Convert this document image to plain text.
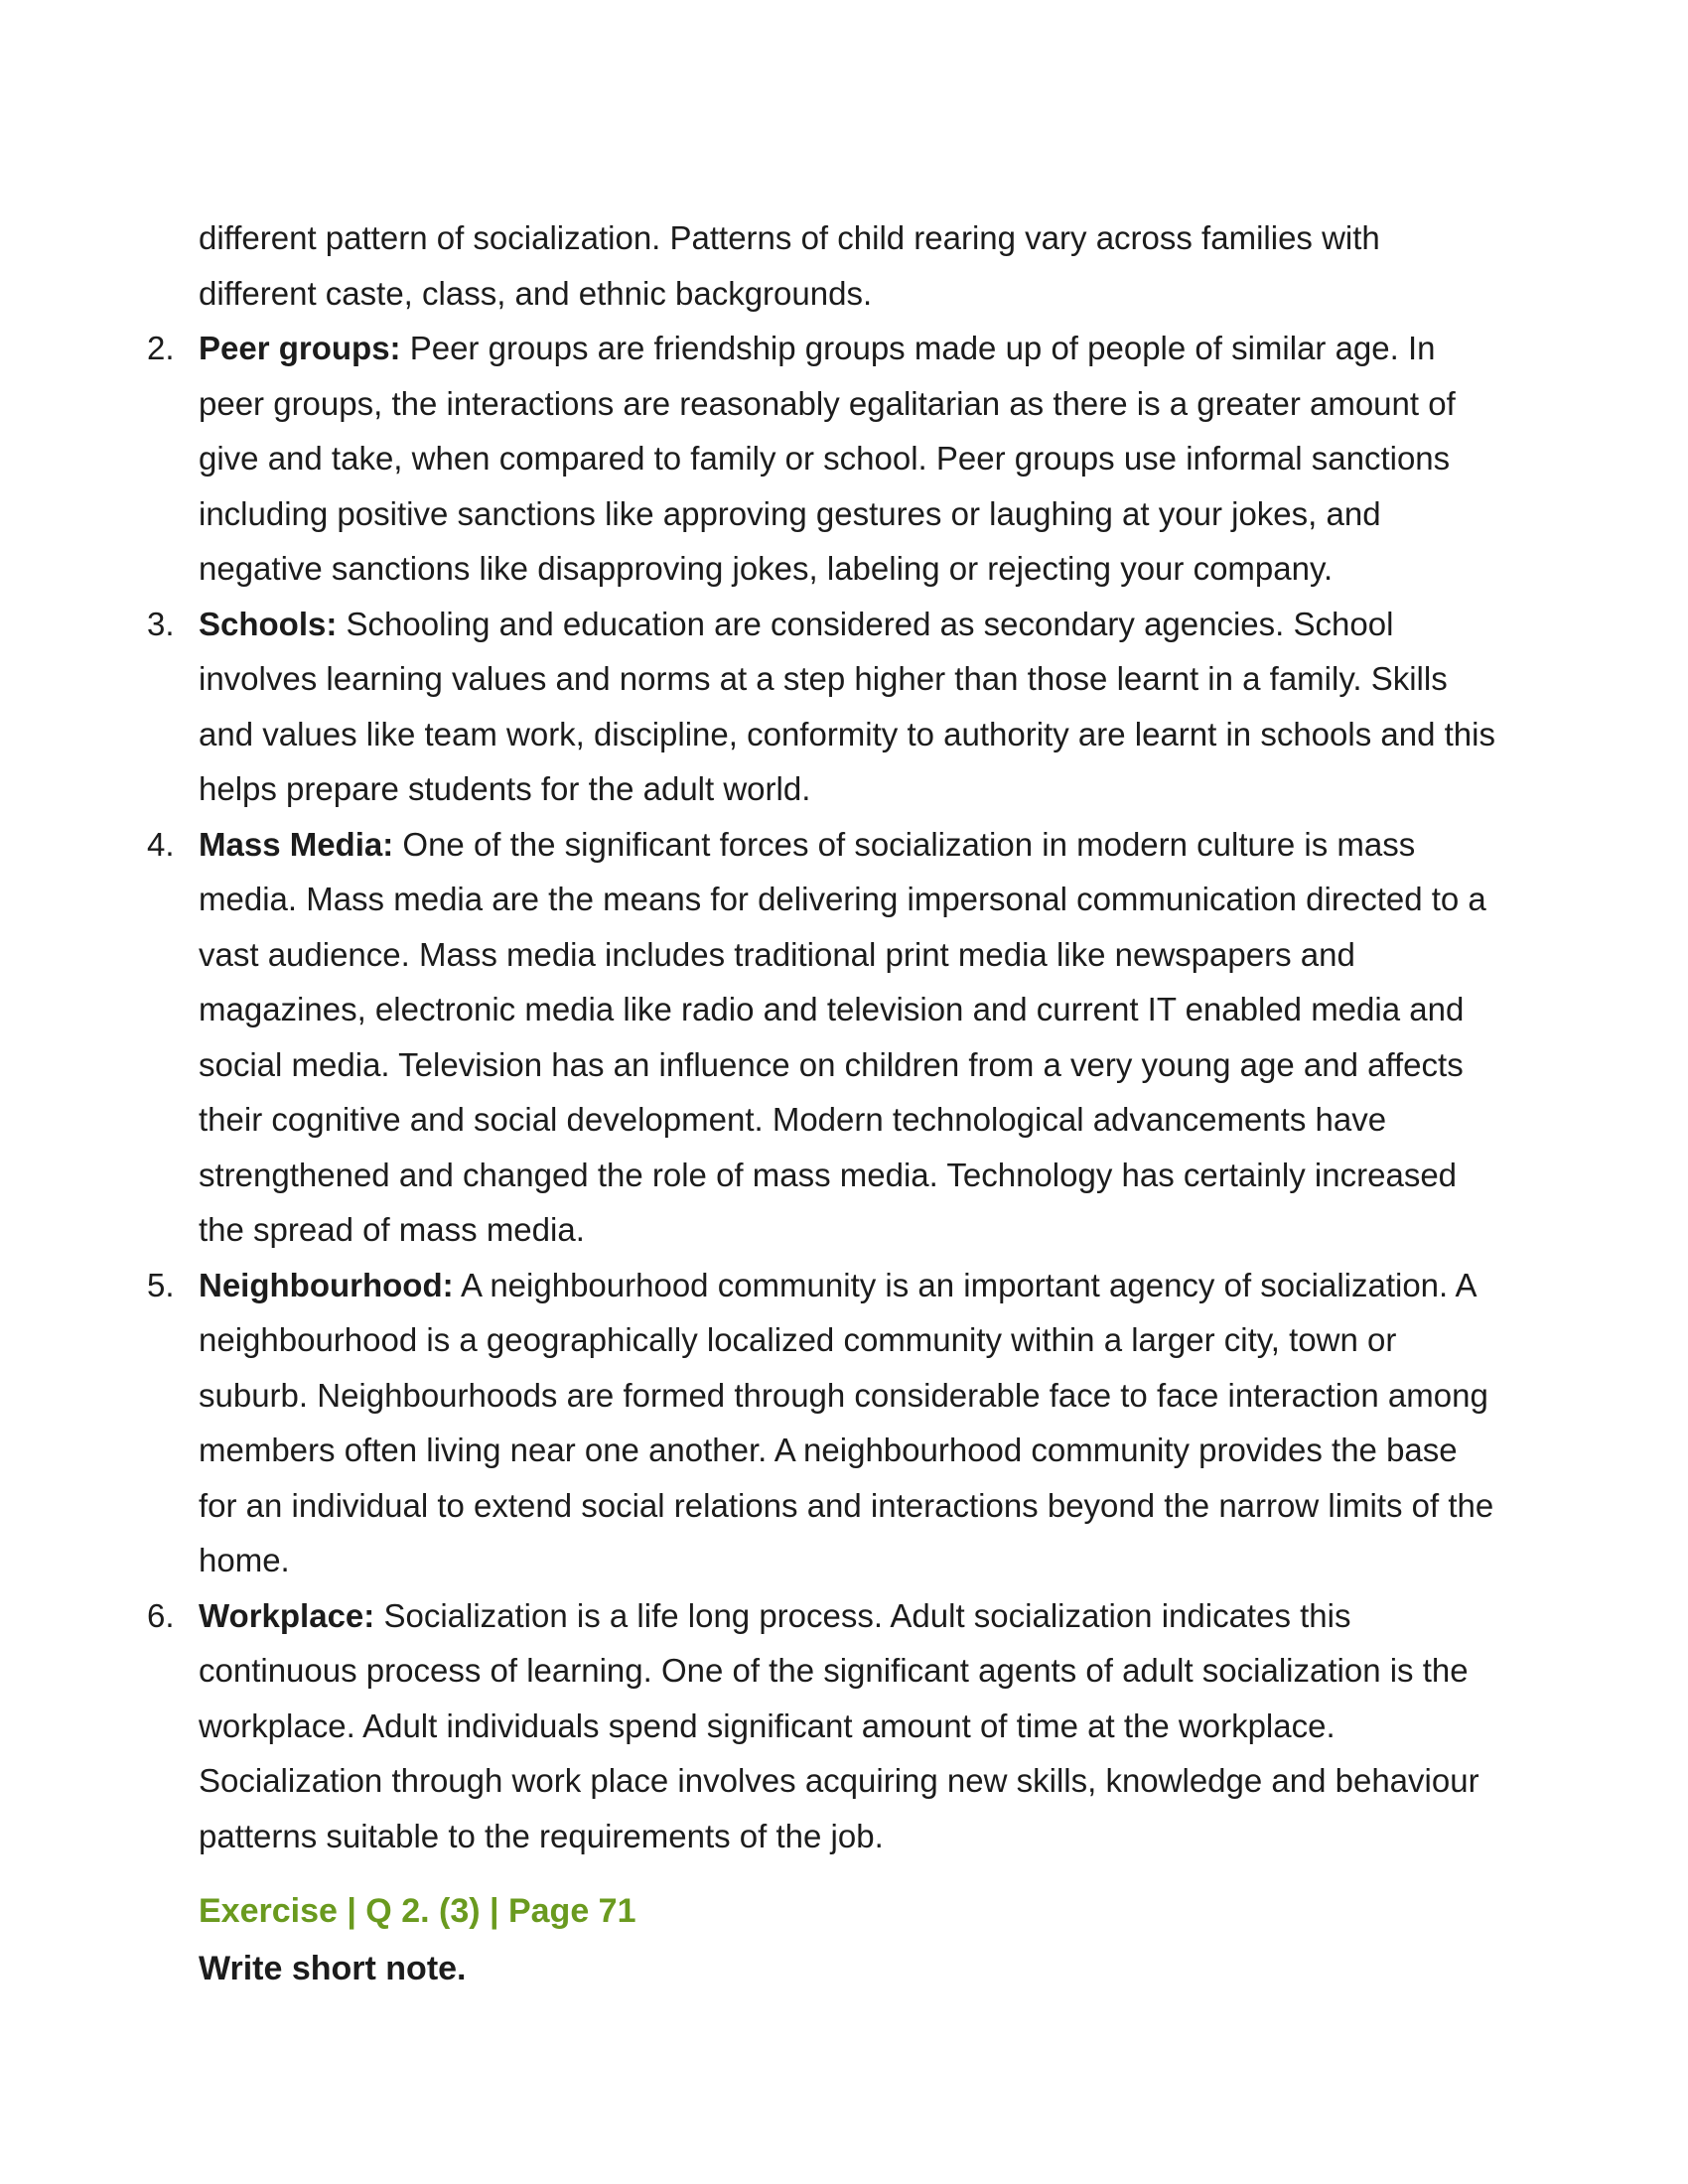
different pattern of socialization. Patterns of child rearing vary across families with different caste, class, and ethnic backgrounds.

2. Peer groups: Peer groups are friendship groups made up of people of similar age. In peer groups, the interactions are reasonably egalitarian as there is a greater amount of give and take, when compared to family or school. Peer groups use informal sanctions including positive sanctions like approving gestures or laughing at your jokes, and negative sanctions like disapproving jokes, labeling or rejecting your company.
3. Schools: Schooling and education are considered as secondary agencies. School involves learning values and norms at a step higher than those learnt in a family. Skills and values like team work, discipline, conformity to authority are learnt in schools and this helps prepare students for the adult world.
4. Mass Media: One of the significant forces of socialization in modern culture is mass media. Mass media are the means for delivering impersonal communication directed to a vast audience. Mass media includes traditional print media like newspapers and magazines, electronic media like radio and television and current IT enabled media and social media. Television has an influence on children from a very young age and affects their cognitive and social development. Modern technological advancements have strengthened and changed the role of mass media. Technology has certainly increased the spread of mass media.
5. Neighbourhood: A neighbourhood community is an important agency of socialization. A neighbourhood is a geographically localized community within a larger city, town or suburb. Neighbourhoods are formed through considerable face to face interaction among members often living near one another. A neighbourhood community provides the base for an individual to extend social relations and interactions beyond the narrow limits of the home.
6. Workplace: Socialization is a life long process. Adult socialization indicates this continuous process of learning. One of the significant agents of adult socialization is the workplace. Adult individuals spend significant amount of time at the workplace. Socialization through work place involves acquiring new skills, knowledge and behaviour patterns suitable to the requirements of the job.
Exercise | Q 2. (3) | Page 71
Write short note.
